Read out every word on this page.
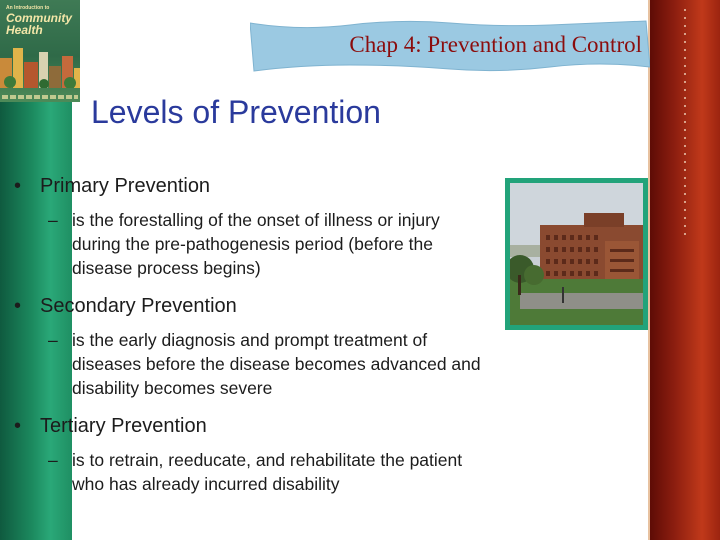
An Introduction to
Community
Health
Chap 4: Prevention and Control
Levels of Prevention
• Primary Prevention
– is the forestalling of the onset of illness or injury
during the pre-pathogenesis period (before the
disease process begins)
• Secondary Prevention
– is the early diagnosis and prompt treatment of
diseases before the disease becomes advanced and
disability becomes severe
• Tertiary Prevention
– is to retrain, reeducate, and rehabilitate the patient
who has already incurred disability
